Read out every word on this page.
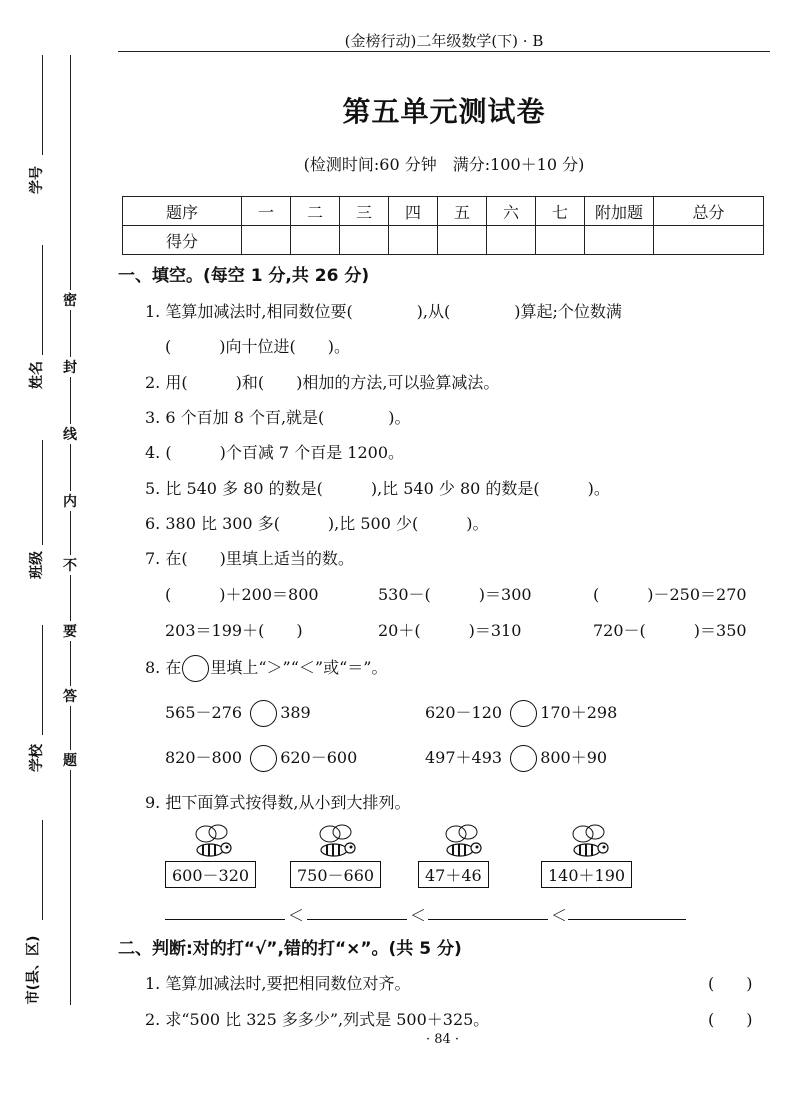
学号
姓名
班级
学校
市(县、区)
密
封
线
内
不
要
答
题
(金榜行动)二年级数学(下) · B
第五单元测试卷
(检测时间:60 分钟　满分:100＋10 分)
题序	一	二	三	四	五	六	七	附加题	总分
得分									
一、填空。(每空 1 分,共 26 分)
1. 笔算加减法时,相同数位要(　　　　),从(　　　　)算起;个位数满
(　　　)向十位进(　　)。
2. 用(　　　)和(　　)相加的方法,可以验算减法。
3. 6 个百加 8 个百,就是(　　　　)。
4. (　　　)个百减 7 个百是 1200。
5. 比 540 多 80 的数是(　　　),比 540 少 80 的数是(　　　)。
6. 380 比 300 多(　　　),比 500 少(　　　)。
7. 在(　　)里填上适当的数。
(　　　)＋200＝800	530－(　　　)＝300	(　　　)－250＝270
203＝199＋(　　)	20＋(　　　)＝310	720－(　　　)＝350
8. 在 里填上“＞”“＜”或“＝”。
565－276 389	620－120 170＋298
820－800 620－600	497＋493 800＋90
9. 把下面算式按得数,从小到大排列。
600－320	750－660	47＋46	140＋190
＜	＜	＜
二、判断:对的打“√”,错的打“×”。(共 5 分)
1. 笔算加减法时,要把相同数位对齐。	(　　)
2. 求“500 比 325 多多少”,列式是 500＋325。	(　　)
· 84 ·
